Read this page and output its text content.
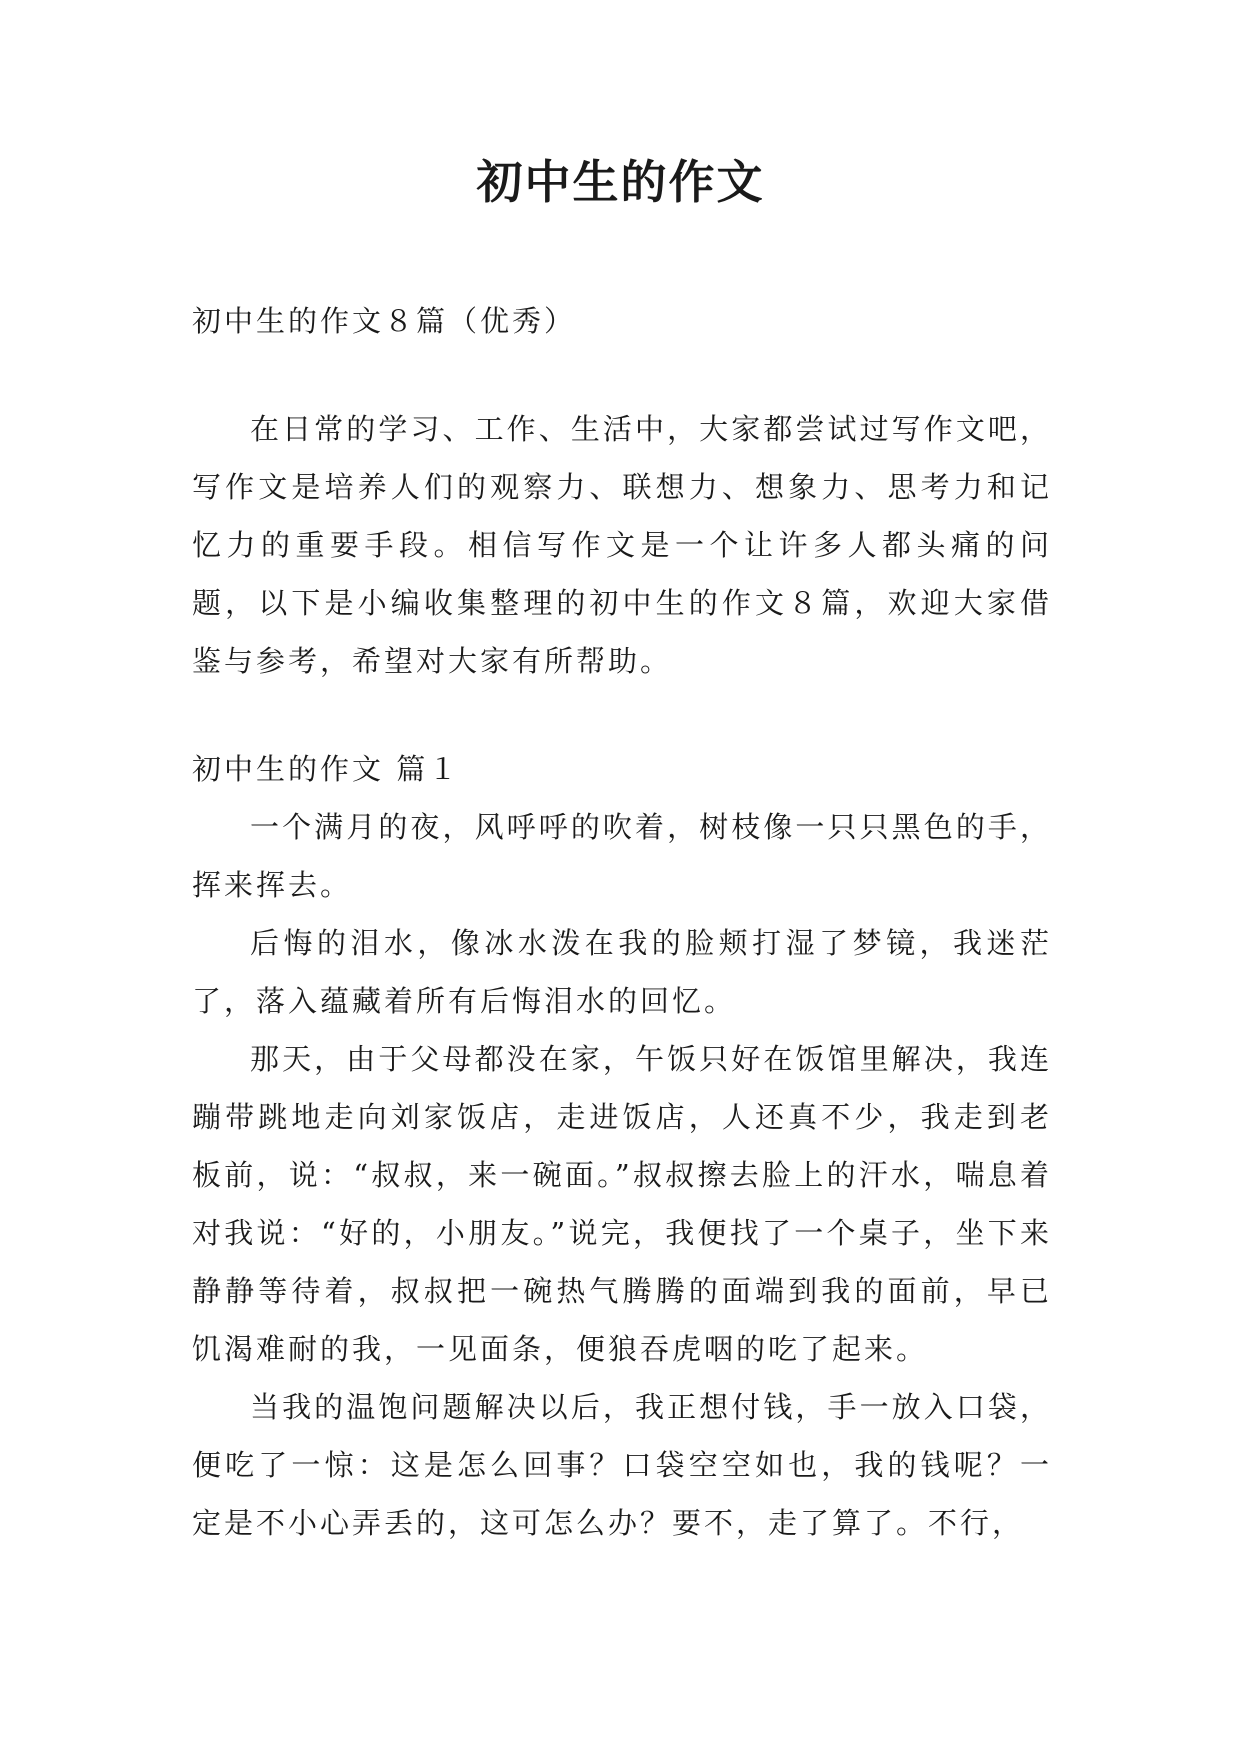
初中生的作文

初中生的作文８篇（优秀）

在日常的学习、工作、生活中，大家都尝试过写作文吧，写作文是培养人们的观察力、联想力、想象力、思考力和记忆力的重要手段。相信写作文是一个让许多人都头痛的问题，以下是小编收集整理的初中生的作文８篇，欢迎大家借鉴与参考，希望对大家有所帮助。

初中生的作文 篇１

一个满月的夜，风呼呼的吹着，树枝像一只只黑色的手，挥来挥去。

后悔的泪水，像冰水泼在我的脸颊打湿了梦镜，我迷茫了，落入蕴藏着所有后悔泪水的回忆。

那天，由于父母都没在家，午饭只好在饭馆里解决，我连蹦带跳地走向刘家饭店，走进饭店，人还真不少，我走到老板前，说：“叔叔，来一碗面。”叔叔擦去脸上的汗水，喘息着对我说：“好的，小朋友。”说完，我便找了一个桌子，坐下来静静等待着，叔叔把一碗热气腾腾的面端到我的面前，早已饥渴难耐的我，一见面条，便狼吞虎咽的吃了起来。

当我的温饱问题解决以后，我正想付钱，手一放入口袋，便吃了一惊：这是怎么回事？口袋空空如也，我的钱呢？一定是不小心弄丢的，这可怎么办？要不，走了算了。不行，
